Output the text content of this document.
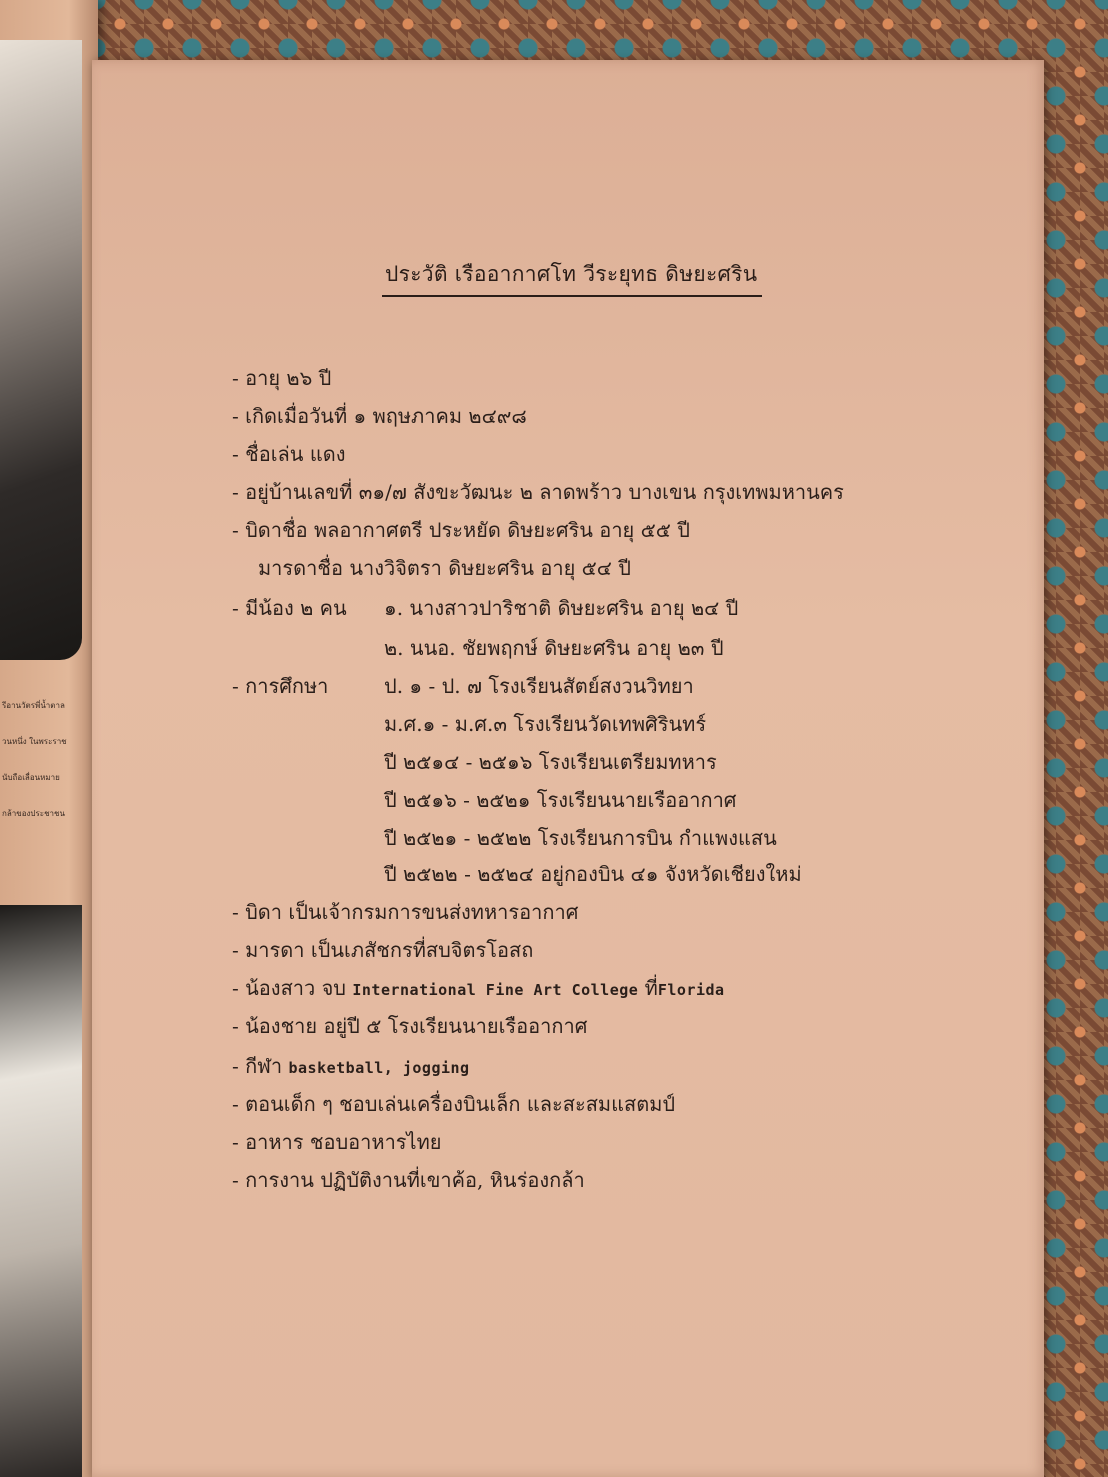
รีอานวัตรพี่น้ำตาล
วนหนึ่ง ในพระราช
นับถือเลื่อนหมาย
กล้าของประชาชน
ประวัติ เรืออากาศโท วีระยุทธ ดิษยะศริน
- อายุ ๒๖ ปี
- เกิดเมื่อวันที่ ๑ พฤษภาคม ๒๔๙๘
- ชื่อเล่น แดง
- อยู่บ้านเลขที่ ๓๑/๗ สังขะวัฒนะ ๒ ลาดพร้าว บางเขน กรุงเทพมหานคร
- บิดาชื่อ พลอากาศตรี ประหยัด ดิษยะศริน อายุ ๕๕ ปี
มารดาชื่อ นางวิจิตรา ดิษยะศริน อายุ ๕๔ ปี
- มีน้อง ๒ คน ๑. นางสาวปาริชาติ ดิษยะศริน อายุ ๒๔ ปี
๒. นนอ. ชัยพฤกษ์ ดิษยะศริน อายุ ๒๓ ปี
- การศึกษา	ป. ๑ - ป. ๗ โรงเรียนสัตย์สงวนวิทยา
ม.ศ.๑ - ม.ศ.๓ โรงเรียนวัดเทพศิรินทร์
ปี ๒๕๑๔ - ๒๕๑๖ โรงเรียนเตรียมทหาร
ปี ๒๕๑๖ - ๒๕๒๑ โรงเรียนนายเรืออากาศ
ปี ๒๕๒๑ - ๒๕๒๒ โรงเรียนการบิน กำแพงแสน
ปี ๒๕๒๒ - ๒๕๒๔ อยู่กองบิน ๔๑ จังหวัดเชียงใหม่
- บิดา เป็นเจ้ากรมการขนส่งทหารอากาศ
- มารดา เป็นเภสัชกรที่สบจิตรโอสถ
- น้องสาว จบ International Fine Art College ที่Florida
- น้องชาย อยู่ปี ๕ โรงเรียนนายเรืออากาศ
- กีฬา basketball, jogging
- ตอนเด็ก ๆ ชอบเล่นเครื่องบินเล็ก และสะสมแสตมป์
- อาหาร ชอบอาหารไทย
- การงาน ปฏิบัติงานที่เขาค้อ, หินร่องกล้า
